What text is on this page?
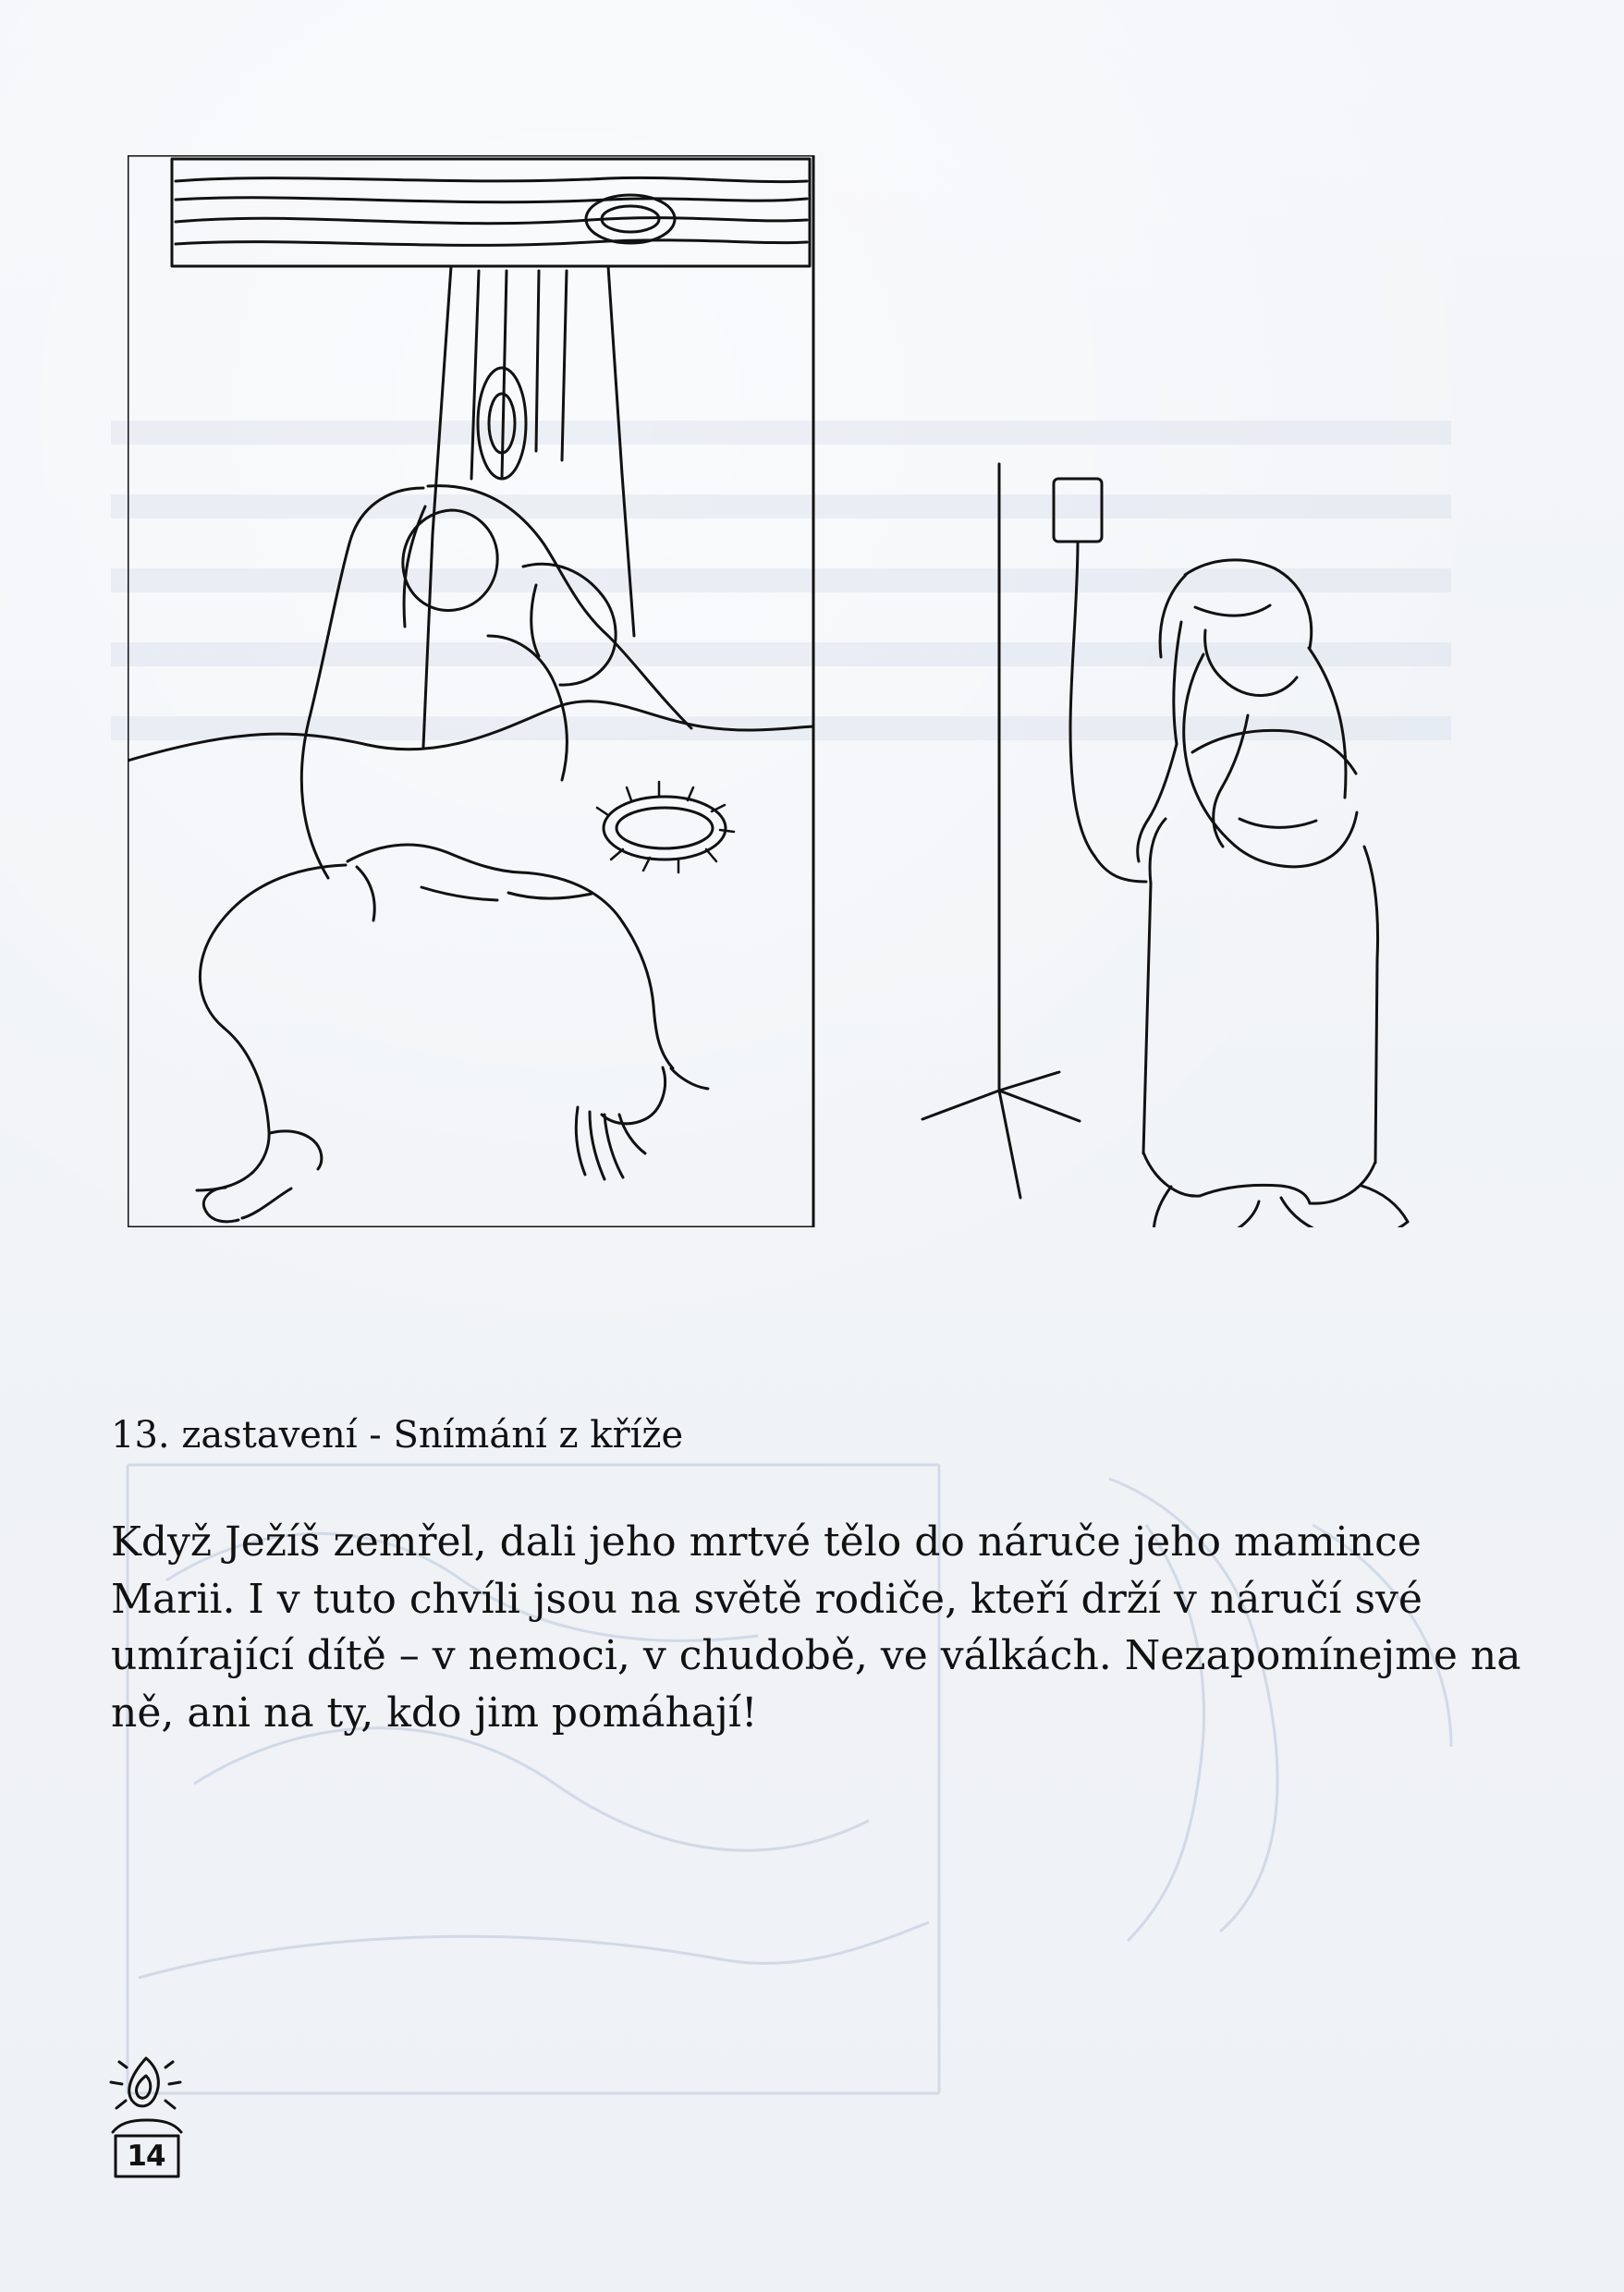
13. zastavení - Snímání z kříže

Když Ježíš zemřel, dali jeho mrtvé tělo do náruče jeho mamince Marii. I v tuto chvíli jsou na světě rodiče, kteří drží v náručí své umírající dítě – v nemoci, v chudobě, ve válkách. Nezapomínejme na ně, ani na ty, kdo jim pomáhají!

14
